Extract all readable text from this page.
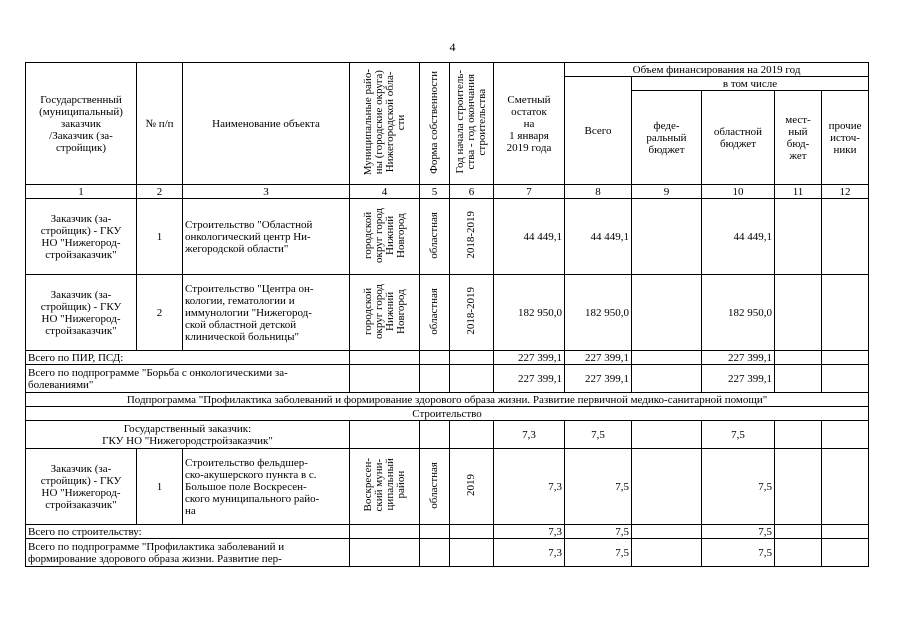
4
Государственный
(муниципальный)
заказчик
/Заказчик (за-
стройщик)	№ п/п	Наименование объекта	Муниципальные райо-
ны (городские округа)
Нижегородской обла-
сти	Форма собственности	Год начала строитель-
ства - год окончания
строительства	Сметный
остаток
на
1 января
2019 года	Объем финансирования на 2019 год				
							Всего	в том числе			
								феде-
ральный
бюджет	областной
бюджет	мест-
ный
бюд-
жет	прочие
источ-
ники
1	2	3	4	5	6	7	8	9	10	11	12
Заказчик (за-
стройщик) - ГКУ
НО "Нижегород-
стройзаказчик"	1	Строительство "Областной
онкологический центр Ни-
жегородской области"	городской
округ город
Нижний
Новгород	областная	2018-2019	44 449,1	44 449,1		44 449,1		
Заказчик (за-
стройщик) - ГКУ
НО "Нижегород-
стройзаказчик"	2	Строительство "Центра он-
кологии, гематологии и
иммунологии "Нижегород-
ской областной детской
клинической больницы"	городской
округ город
Нижний
Новгород	областная	2018-2019	182 950,0	182 950,0		182 950,0		
Всего по ПИР, ПСД:						227 399,1	227 399,1		227 399,1		
Всего по подпрограмме "Борьба с онкологическими за-
болеваниями"						227 399,1	227 399,1		227 399,1		
Подпрограмма "Профилактика заболеваний и формирование здорового образа жизни. Развитие первичной медико-санитарной помощи"											
Строительство											
Государственный заказчик:
ГКУ НО "Нижегородстройзаказчик"						7,3	7,5		7,5		
Заказчик (за-
стройщик) - ГКУ
НО "Нижегород-
стройзаказчик"	1	Строительство фельдшер-
ско-акушерского пункта в с.
Большое поле Воскресен-
ского муниципального райо-
на	Воскресен-
ский муни-
ципальный
район	областная	2019	7,3	7,5		7,5		
Всего по строительству:						7,3	7,5		7,5		
Всего по подпрограмме "Профилактика заболеваний и
формирование здорового образа жизни. Развитие пер-						7,3	7,5		7,5		
